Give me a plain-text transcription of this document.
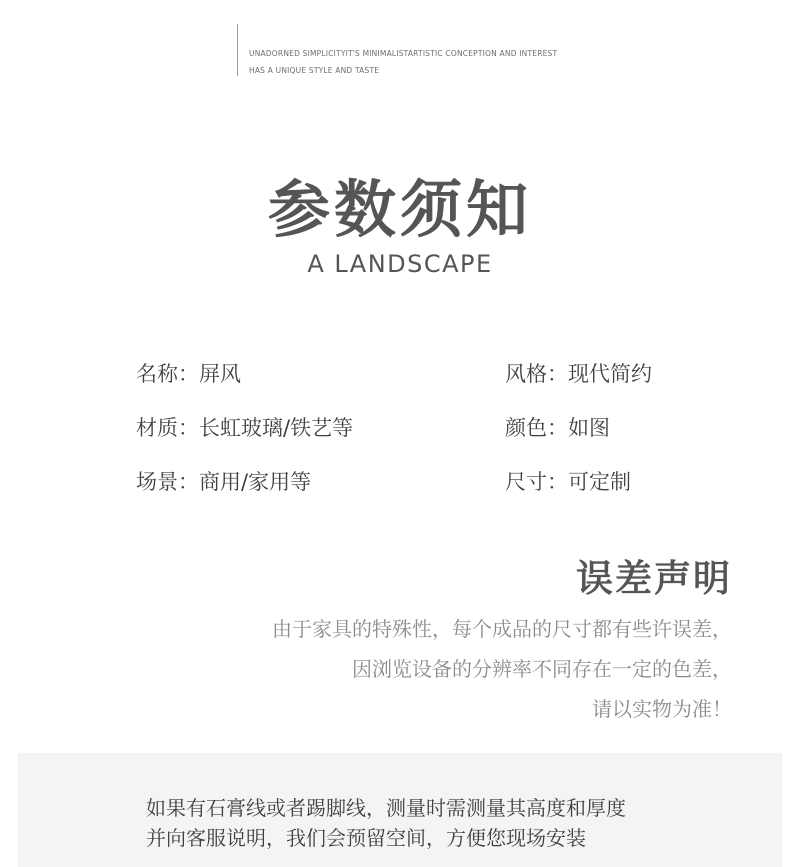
UNADORNED SIMPLICITYIT'S MINIMALISTARTISTIC CONCEPTION AND INTEREST
HAS A UNIQUE STYLE AND TASTE
参数须知
A LANDSCAPE
名称：屏风	风格：现代简约
材质：长虹玻璃/铁艺等	颜色：如图
场景：商用/家用等	尺寸：可定制
误差声明
由于家具的特殊性，每个成品的尺寸都有些许误差，
因浏览设备的分辨率不同存在一定的色差，
请以实物为准！
如果有石膏线或者踢脚线，测量时需测量其高度和厚度
并向客服说明，我们会预留空间，方便您现场安装
